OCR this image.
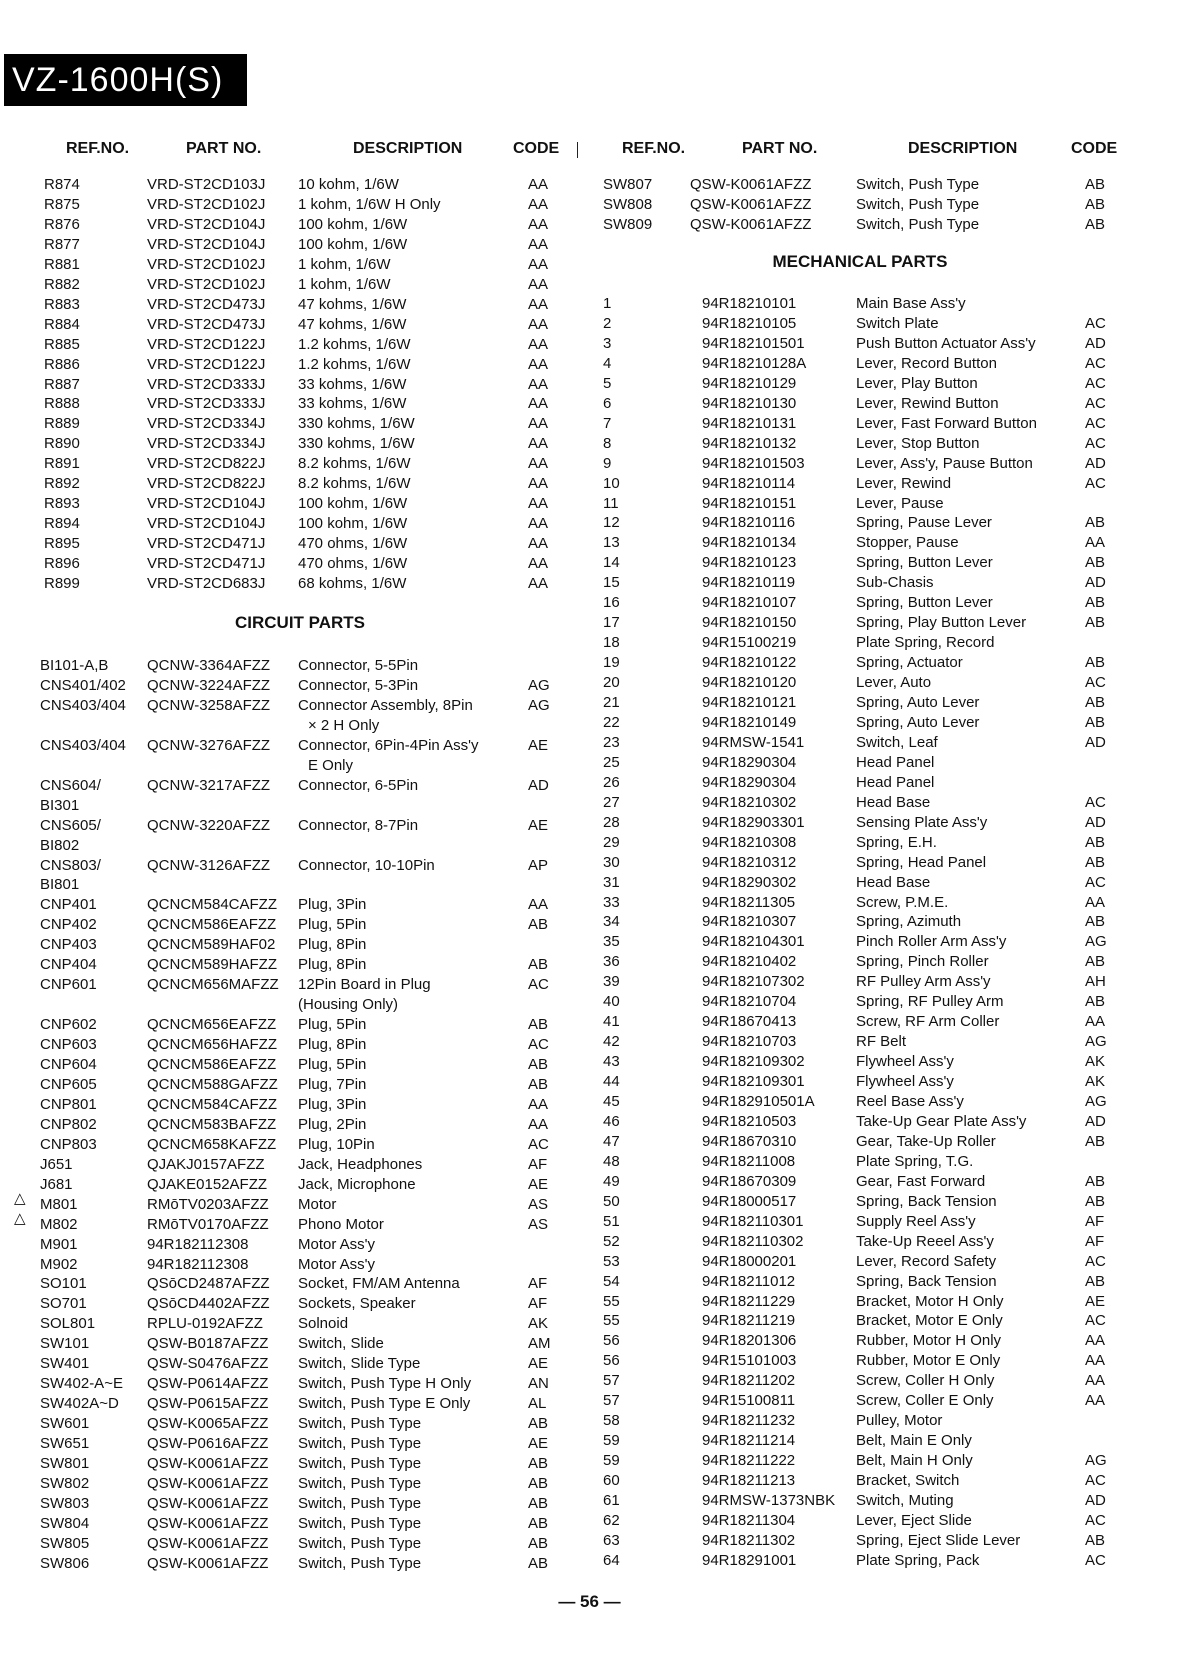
VZ-1600H(S)
REF.NO.	PART NO.	DESCRIPTION	CODE	REF.NO.	PART NO.	DESCRIPTION	CODE
CIRCUIT PARTS
MECHANICAL PARTS
△
△
R874	VRD-ST2CD103J 10 kohm, 1/6W	AA
R875	VRD-ST2CD102J 1 kohm, 1/6W H Only	AA
R876	VRD-ST2CD104J 100 kohm, 1/6W	AA
R877	VRD-ST2CD104J 100 kohm, 1/6W	AA
R881	VRD-ST2CD102J 1 kohm, 1/6W	AA
R882	VRD-ST2CD102J 1 kohm, 1/6W	AA
R883	VRD-ST2CD473J 47 kohms, 1/6W	AA
R884	VRD-ST2CD473J 47 kohms, 1/6W	AA
R885	VRD-ST2CD122J 1.2 kohms, 1/6W	AA
R886	VRD-ST2CD122J 1.2 kohms, 1/6W	AA
R887	VRD-ST2CD333J 33 kohms, 1/6W	AA
R888	VRD-ST2CD333J 33 kohms, 1/6W	AA
R889	VRD-ST2CD334J 330 kohms, 1/6W	AA
R890	VRD-ST2CD334J 330 kohms, 1/6W	AA
R891	VRD-ST2CD822J 8.2 kohms, 1/6W	AA
R892	VRD-ST2CD822J 8.2 kohms, 1/6W	AA
R893	VRD-ST2CD104J 100 kohm, 1/6W	AA
R894	VRD-ST2CD104J 100 kohm, 1/6W	AA
R895	VRD-ST2CD471J 470 ohms, 1/6W	AA
R896	VRD-ST2CD471J 470 ohms, 1/6W	AA
R899	VRD-ST2CD683J 68 kohms, 1/6W	AA
BI101-A,B	QCNW-3364AFZZ Connector, 5-5Pin
CNS401/402 QCNW-3224AFZZ Connector, 5-3Pin	AG
CNS403/404 QCNW-3258AFZZ Connector Assembly, 8Pin	AG
× 2 H Only
CNS403/404 QCNW-3276AFZZ Connector, 6Pin-4Pin Ass'y	AE
E Only
CNS604/	QCNW-3217AFZZ Connector, 6-5Pin	AD
BI301
CNS605/	QCNW-3220AFZZ Connector, 8-7Pin	AE
BI802
CNS803/	QCNW-3126AFZZ Connector, 10-10Pin	AP
BI801
CNP401	QCNCM584CAFZZ Plug, 3Pin	AA
CNP402	QCNCM586EAFZZ Plug, 5Pin	AB
CNP403	QCNCM589HAF02 Plug, 8Pin
CNP404	QCNCM589HAFZZ Plug, 8Pin	AB
CNP601	QCNCM656MAFZZ 12Pin Board in Plug	AC
(Housing Only)
CNP602	QCNCM656EAFZZ Plug, 5Pin	AB
CNP603	QCNCM656HAFZZ Plug, 8Pin	AC
CNP604	QCNCM586EAFZZ Plug, 5Pin	AB
CNP605	QCNCM588GAFZZ Plug, 7Pin	AB
CNP801	QCNCM584CAFZZ Plug, 3Pin	AA
CNP802	QCNCM583BAFZZ Plug, 2Pin	AA
CNP803	QCNCM658KAFZZ Plug, 10Pin	AC
J651	QJAKJ0157AFZZ Jack, Headphones	AF
J681	QJAKE0152AFZZ Jack, Microphone	AE
M801	RMōTV0203AFZZ Motor	AS
M802	RMōTV0170AFZZ Phono Motor	AS
M901	94R182112308	Motor Ass'y
M902	94R182112308	Motor Ass'y
SO101	QSōCD2487AFZZ Socket, FM/AM Antenna	AF
SO701	QSōCD4402AFZZ Sockets, Speaker	AF
SOL801	RPLU-0192AFZZ Solnoid	AK
SW101	QSW-B0187AFZZ Switch, Slide	AM
SW401	QSW-S0476AFZZ Switch, Slide Type	AE
SW402-A~E QSW-P0614AFZZ Switch, Push Type H Only	AN
SW402A~D QSW-P0615AFZZ Switch, Push Type E Only	AL
SW601	QSW-K0065AFZZ Switch, Push Type	AB
SW651	QSW-P0616AFZZ Switch, Push Type	AE
SW801	QSW-K0061AFZZ Switch, Push Type	AB
SW802	QSW-K0061AFZZ Switch, Push Type	AB
SW803	QSW-K0061AFZZ Switch, Push Type	AB
SW804	QSW-K0061AFZZ Switch, Push Type	AB
SW805	QSW-K0061AFZZ Switch, Push Type	AB
SW806	QSW-K0061AFZZ Switch, Push Type	AB
SW807	QSW-K0061AFZZ	Switch, Push Type	AB
SW808	QSW-K0061AFZZ	Switch, Push Type	AB
SW809	QSW-K0061AFZZ	Switch, Push Type	AB
1	94R18210101	Main Base Ass'y
2	94R18210105	Switch Plate	AC
3	94R182101501	Push Button Actuator Ass'y	AD
4	94R18210128A	Lever, Record Button	AC
5	94R18210129	Lever, Play Button	AC
6	94R18210130	Lever, Rewind Button	AC
7	94R18210131	Lever, Fast Forward Button	AC
8	94R18210132	Lever, Stop Button	AC
9	94R182101503	Lever, Ass'y, Pause Button	AD
10	94R18210114	Lever, Rewind	AC
11	94R18210151	Lever, Pause
12	94R18210116	Spring, Pause Lever	AB
13	94R18210134	Stopper, Pause	AA
14	94R18210123	Spring, Button Lever	AB
15	94R18210119	Sub-Chasis	AD
16	94R18210107	Spring, Button Lever	AB
17	94R18210150	Spring, Play Button Lever	AB
18	94R15100219	Plate Spring, Record
19	94R18210122	Spring, Actuator	AB
20	94R18210120	Lever, Auto	AC
21	94R18210121	Spring, Auto Lever	AB
22	94R18210149	Spring, Auto Lever	AB
23	94RMSW-1541	Switch, Leaf	AD
25	94R18290304	Head Panel
26	94R18290304	Head Panel
27	94R18210302	Head Base	AC
28	94R182903301	Sensing Plate Ass'y	AD
29	94R18210308	Spring, E.H.	AB
30	94R18210312	Spring, Head Panel	AB
31	94R18290302	Head Base	AC
33	94R18211305	Screw, P.M.E.	AA
34	94R18210307	Spring, Azimuth	AB
35	94R182104301	Pinch Roller Arm Ass'y	AG
36	94R18210402	Spring, Pinch Roller	AB
39	94R182107302	RF Pulley Arm Ass'y	AH
40	94R18210704	Spring, RF Pulley Arm	AB
41	94R18670413	Screw, RF Arm Coller	AA
42	94R18210703	RF Belt	AG
43	94R182109302	Flywheel Ass'y	AK
44	94R182109301	Flywheel Ass'y	AK
45	94R182910501A	Reel Base Ass'y	AG
46	94R18210503	Take-Up Gear Plate Ass'y	AD
47	94R18670310	Gear, Take-Up Roller	AB
48	94R18211008	Plate Spring, T.G.
49	94R18670309	Gear, Fast Forward	AB
50	94R18000517	Spring, Back Tension	AB
51	94R182110301	Supply Reel Ass'y	AF
52	94R182110302	Take-Up Reeel Ass'y	AF
53	94R18000201	Lever, Record Safety	AC
54	94R18211012	Spring, Back Tension	AB
55	94R18211229	Bracket, Motor H Only	AE
55	94R18211219	Bracket, Motor E Only	AC
56	94R18201306	Rubber, Motor H Only	AA
56	94R15101003	Rubber, Motor E Only	AA
57	94R18211202	Screw, Coller H Only	AA
57	94R15100811	Screw, Coller E Only	AA
58	94R18211232	Pulley, Motor
59	94R18211214	Belt, Main E Only
59	94R18211222	Belt, Main H Only	AG
60	94R18211213	Bracket, Switch	AC
61	94RMSW-1373NBK Switch, Muting	AD
62	94R18211304	Lever, Eject Slide	AC
63	94R18211302	Spring, Eject Slide Lever	AB
64	94R18291001	Plate Spring, Pack	AC
— 56 —
